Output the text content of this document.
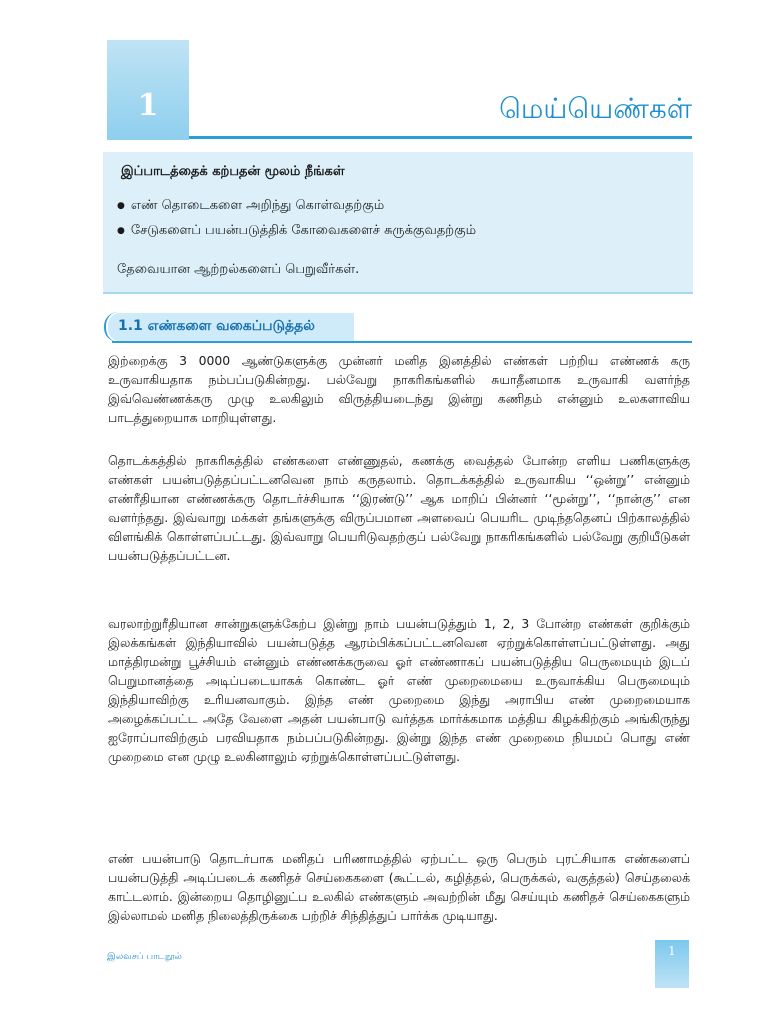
1	மெய்யெண்கள்
இப்பாடத்தைக் கற்பதன் மூலம் நீங்கள்
● எண் தொடைகளை அறிந்து கொள்வதற்கும்
● சேடுகளைப் பயன்படுத்திக் கோவைகளைச் சுருக்குவதற்கும்
தேவையான ஆற்றல்களைப் பெறுவீர்கள்.
1.1 எண்களை வகைப்படுத்தல்

இற்றைக்கு 3 0000 ஆண்டுகளுக்கு முன்னர் மனித இனத்தில் எண்கள் பற்றிய எண்ணக் கரு உருவாகியதாக நம்பப்படுகின்றது. பல்வேறு நாகரிகங்களில் சுயாதீனமாக உருவாகி வளர்ந்த இவ்வெண்ணக்கரு முழு உலகிலும் விருத்தியடைந்து இன்று கணிதம் என்னும் உலகளாவிய பாடத்துறையாக மாறியுள்ளது.

தொடக்கத்தில் நாகரிகத்தில் எண்களை எண்ணுதல், கணக்கு வைத்தல் போன்ற எளிய பணிகளுக்கு எண்கள் பயன்படுத்தப்பட்டனவென நாம் கருதலாம். தொடக்கத்தில் உருவாகிய ‘‘ஒன்று’’ என்னும் எண்ரீதியான எண்ணக்கரு தொடர்ச்சியாக ‘‘இரண்டு’’ ஆக மாறிப் பின்னர் ‘‘மூன்று’’, ‘‘நான்கு’’ என வளர்ந்தது. இவ்வாறு மக்கள் தங்களுக்கு விருப்பமான அளவைப் பெயரிட முடிந்ததெனப் பிற்காலத்தில் விளங்கிக் கொள்ளப்பட்டது. இவ்வாறு பெயரிடுவதற்குப் பல்வேறு நாகரிகங்களில் பல்வேறு குறியீடுகள் பயன்படுத்தப்பட்டன.

வரலாற்றுரீதியான சான்றுகளுக்கேற்ப இன்று நாம் பயன்படுத்தும் 1, 2, 3 போன்ற எண்கள் குறிக்கும் இலக்கங்கள் இந்தியாவில் பயன்படுத்த ஆரம்பிக்கப்பட்டனவென ஏற்றுக்கொள்ளப்பட்டுள்ளது. அது மாத்திரமன்று பூச்சியம் என்னும் எண்ணக்கருவை ஓர் எண்ணாகப் பயன்படுத்திய பெருமையும் இடப் பெறுமானத்தை அடிப்படையாகக் கொண்ட ஓர் எண் முறைமையை உருவாக்கிய பெருமையும் இந்தியாவிற்கு உரியனவாகும். இந்த எண் முறைமை இந்து அராபிய எண் முறைமையாக அழைக்கப்பட்ட அதே வேளை அதன் பயன்பாடு வர்த்தக மார்க்கமாக மத்திய கிழக்கிற்கும் அங்கிருந்து ஐரோப்பாவிற்கும் பரவியதாக நம்பப்படுகின்றது. இன்று இந்த எண் முறைமை நியமப் பொது எண் முறைமை என முழு உலகினாலும் ஏற்றுக்கொள்ளப்பட்டுள்ளது.

எண் பயன்பாடு தொடர்பாக மனிதப் பரிணாமத்தில் ஏற்பட்ட ஒரு பெரும் புரட்சியாக எண்களைப் பயன்படுத்தி அடிப்படைக் கணிதச் செய்கைகளை (கூட்டல், கழித்தல், பெருக்கல், வகுத்தல்) செய்தலைக் காட்டலாம். இன்றைய தொழினுட்ப உலகில் எண்களும் அவற்றின் மீது செய்யும் கணிதச் செய்கைகளும் இல்லாமல் மனித நிலைத்திருக்கை பற்றிச் சிந்தித்துப் பார்க்க முடியாது.

இலவசப் பாடநூல்	1
